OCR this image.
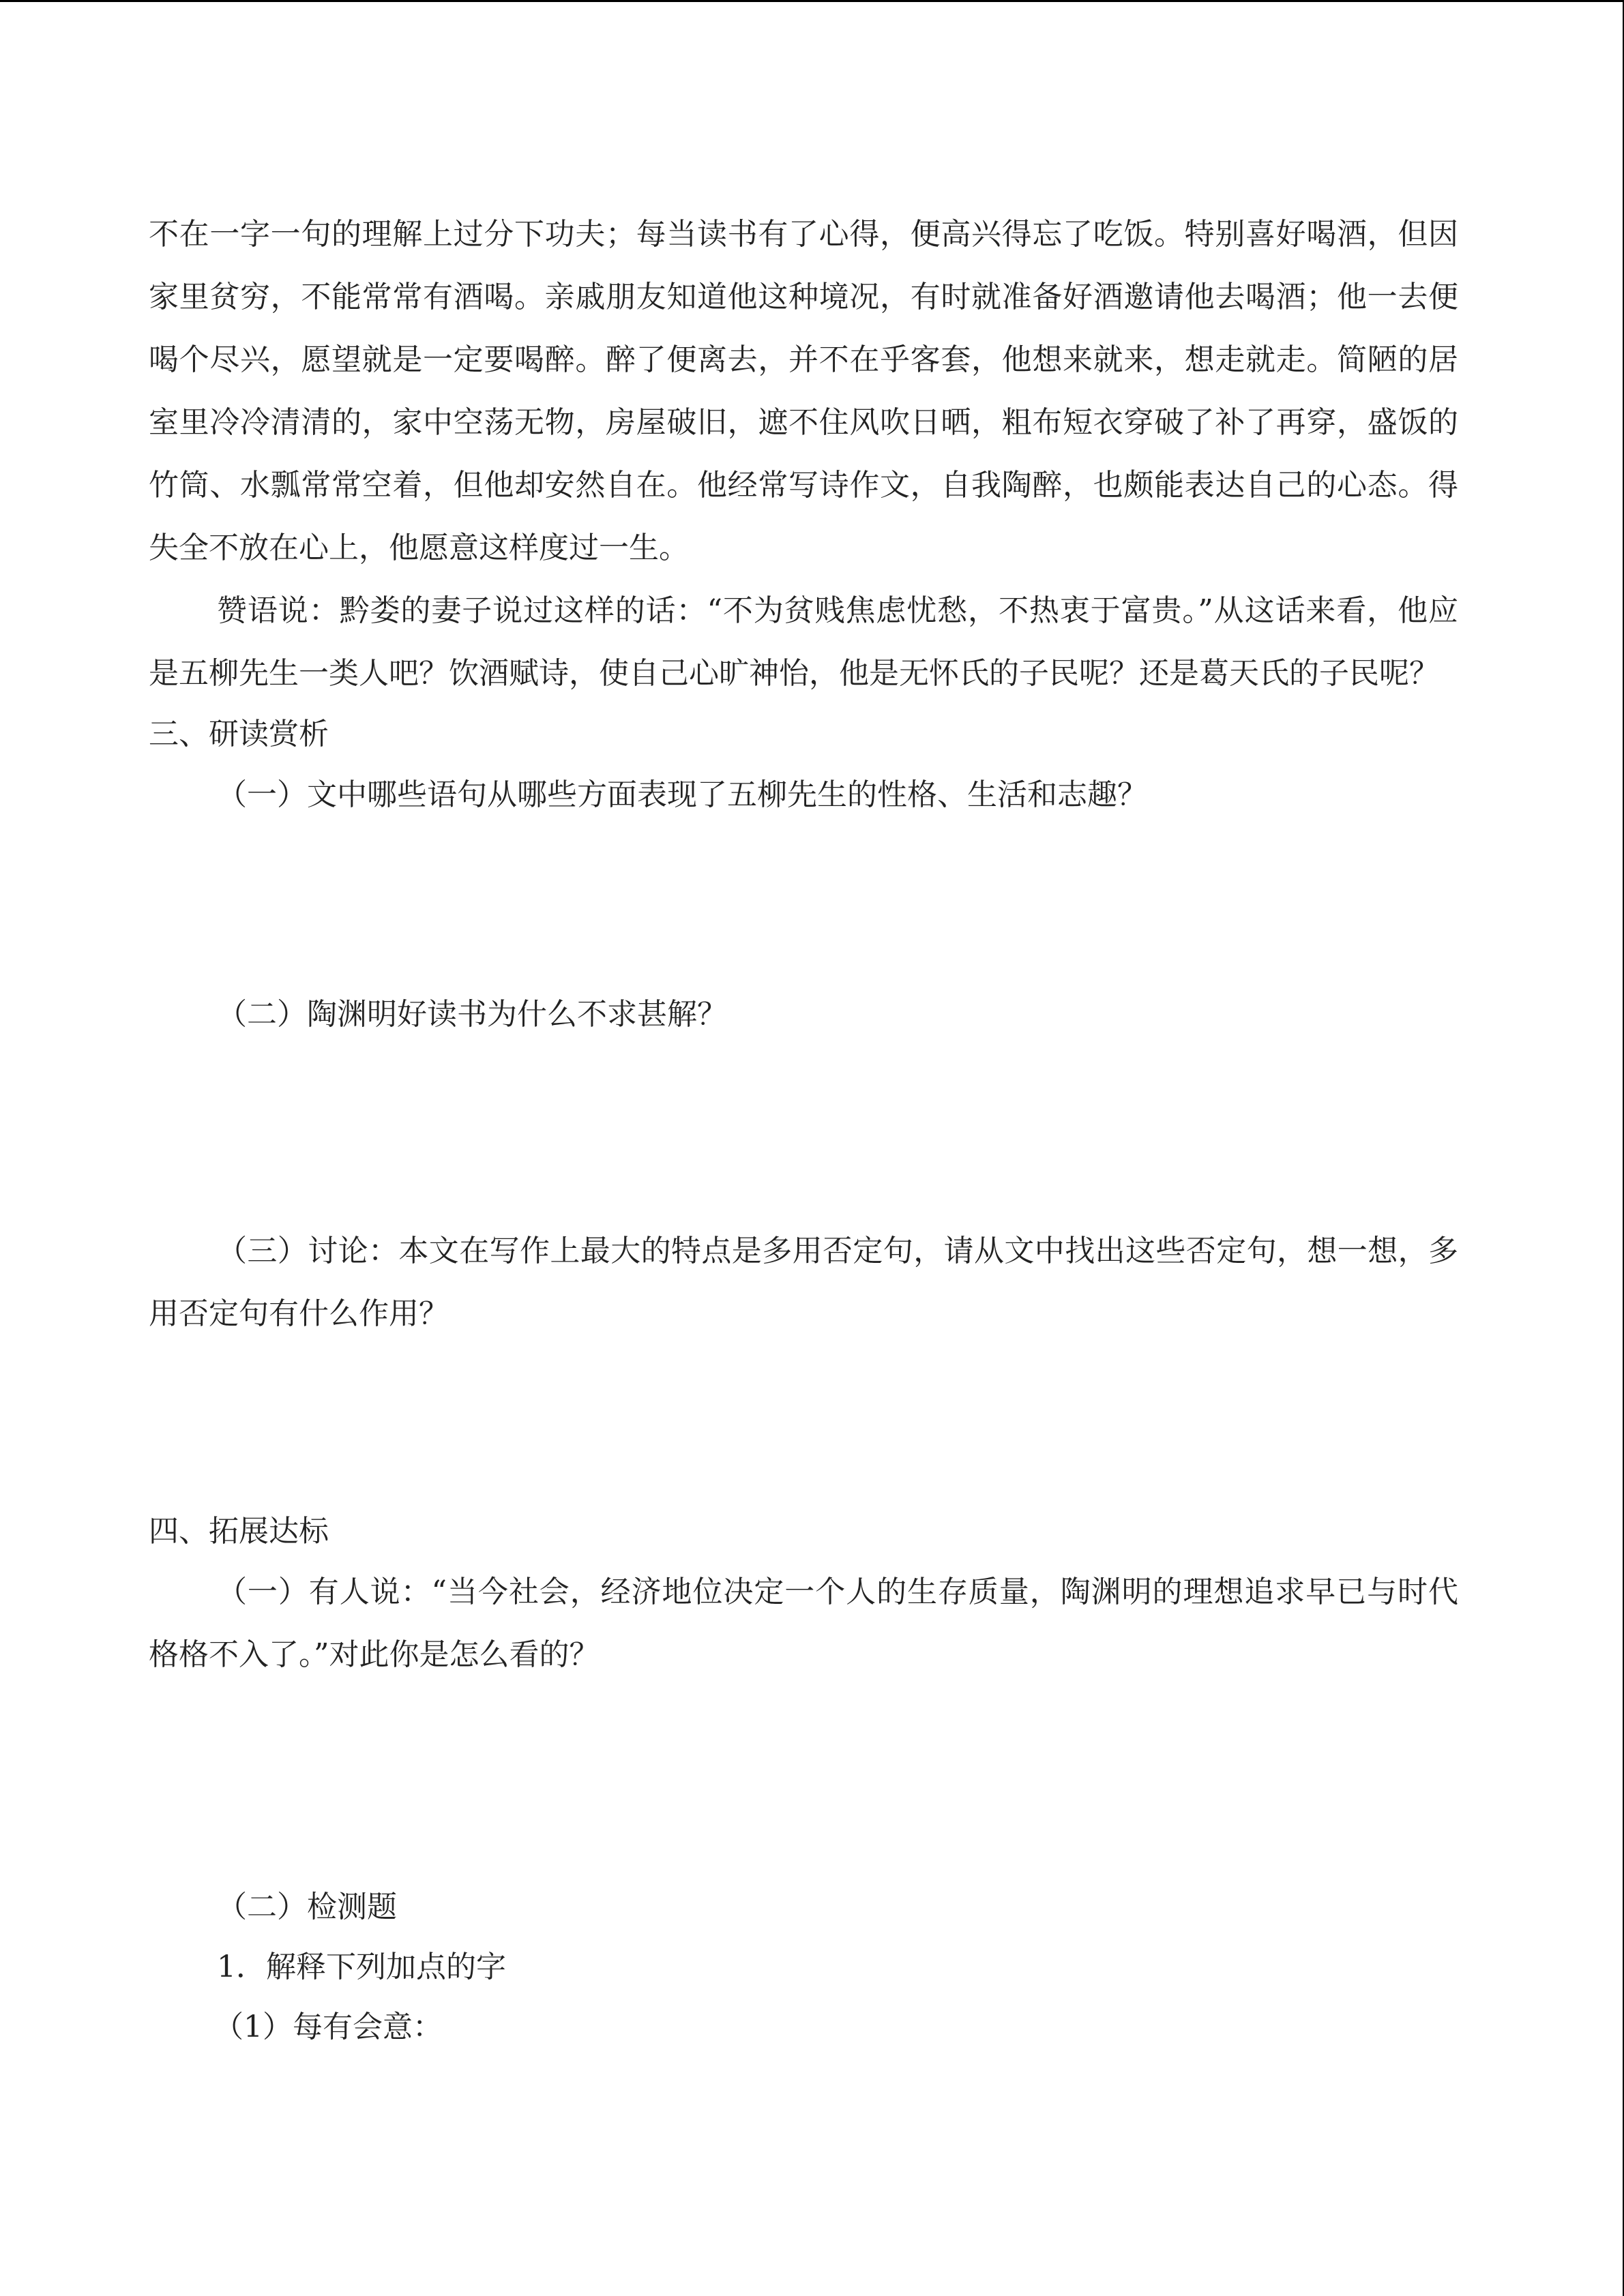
不在一字一句的理解上过分下功夫；每当读书有了心得，便高兴得忘了吃饭。特别喜好喝酒，但因家里贫穷，不能常常有酒喝。亲戚朋友知道他这种境况，有时就准备好酒邀请他去喝酒；他一去便喝个尽兴，愿望就是一定要喝醉。醉了便离去，并不在乎客套，他想来就来，想走就走。简陋的居室里冷冷清清的，家中空荡无物，房屋破旧，遮不住风吹日晒，粗布短衣穿破了补了再穿，盛饭的竹筒、水瓢常常空着，但他却安然自在。他经常写诗作文，自我陶醉，也颇能表达自己的心态。得失全不放在心上，他愿意这样度过一生。

赞语说：黔娄的妻子说过这样的话：“不为贫贱焦虑忧愁，不热衷于富贵。”从这话来看，他应是五柳先生一类人吧？饮酒赋诗，使自己心旷神怡，他是无怀氏的子民呢？还是葛天氏的子民呢？

三、研读赏析

（一）文中哪些语句从哪些方面表现了五柳先生的性格、生活和志趣？

（二）陶渊明好读书为什么不求甚解？

（三）讨论：本文在写作上最大的特点是多用否定句，请从文中找出这些否定句，想一想，多用否定句有什么作用？

四、拓展达标

（一）有人说：“当今社会，经济地位决定一个人的生存质量，陶渊明的理想追求早已与时代格格不入了。”对此你是怎么看的？

（二）检测题

1．解释下列加点的字

（1）每有会意：
